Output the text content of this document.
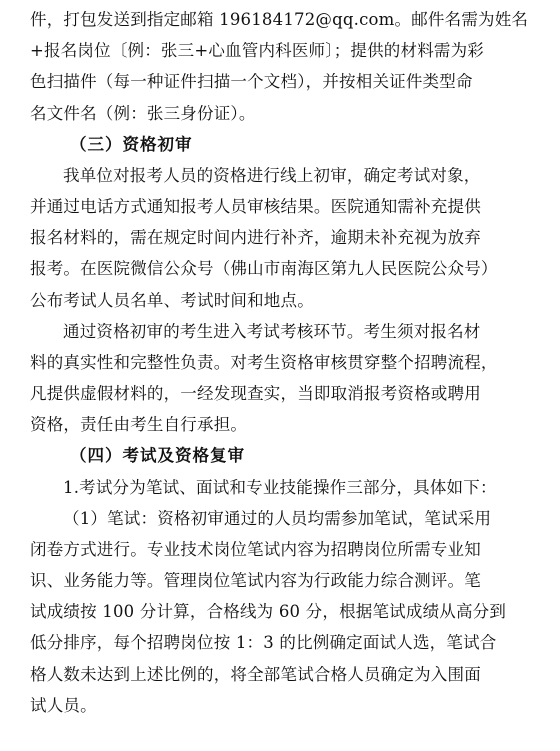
件，打包发送到指定邮箱 196184172@qq.com。邮件名需为姓名
+报名岗位〔例：张三+心血管内科医师〕；提供的材料需为彩
色扫描件（每一种证件扫描一个文档），并按相关证件类型命
名文件名（例：张三身份证）。
（三）资格初审
我单位对报考人员的资格进行线上初审，确定考试对象，
并通过电话方式通知报考人员审核结果。医院通知需补充提供
报名材料的，需在规定时间内进行补齐，逾期未补充视为放弃
报考。在医院微信公众号（佛山市南海区第九人民医院公众号）
公布考试人员名单、考试时间和地点。
通过资格初审的考生进入考试考核环节。考生须对报名材
料的真实性和完整性负责。对考生资格审核贯穿整个招聘流程，
凡提供虚假材料的，一经发现查实，当即取消报考资格或聘用
资格，责任由考生自行承担。
（四）考试及资格复审
1.考试分为笔试、面试和专业技能操作三部分，具体如下：
（1）笔试：资格初审通过的人员均需参加笔试，笔试采用
闭卷方式进行。专业技术岗位笔试内容为招聘岗位所需专业知
识、业务能力等。管理岗位笔试内容为行政能力综合测评。笔
试成绩按 100 分计算，合格线为 60 分，根据笔试成绩从高分到
低分排序，每个招聘岗位按 1：3 的比例确定面试人选，笔试合
格人数未达到上述比例的，将全部笔试合格人员确定为入围面
试人员。
